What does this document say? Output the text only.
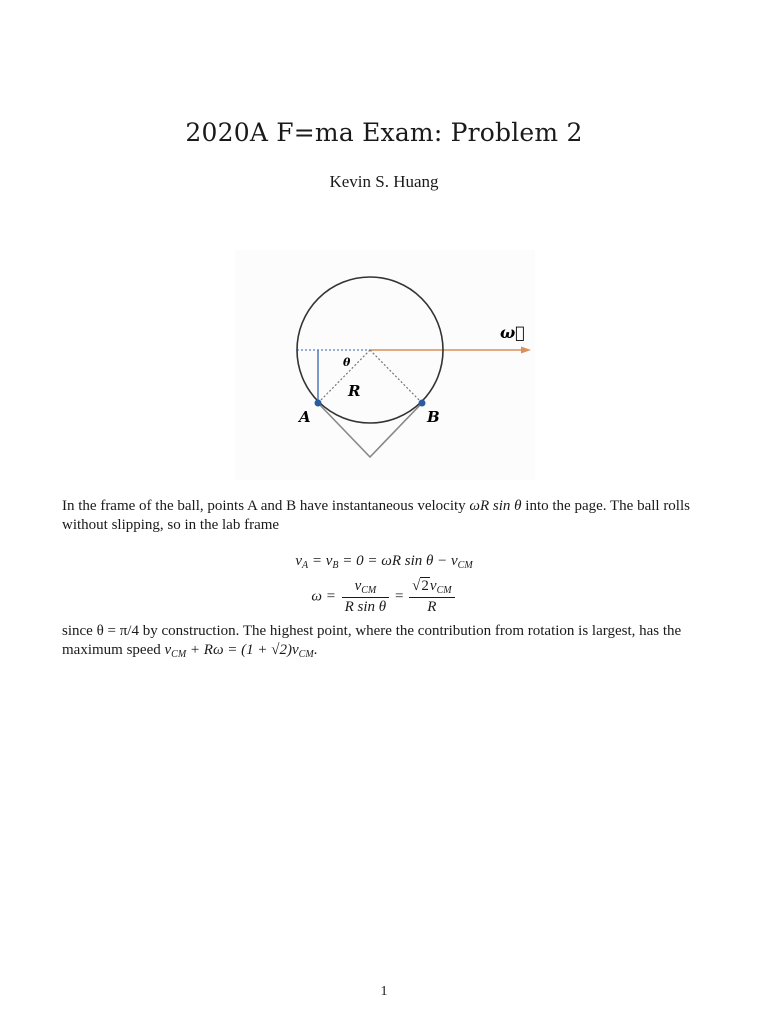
2020A F=ma Exam: Problem 2
Kevin S. Huang
ω⃗
θ
R
A	B
In the frame of the ball, points A and B have instantaneous velocity ωR sin θ into the page. The ball rolls without slipping, so in the lab frame
$v_A = v_B = 0 = \omega R$ $\sin \theta - v_{CM}$
$\omega = \frac{v_{CM}}{\text{R sin θ}} = \frac{√2v_{CM}}{R}$
since θ = π/4 by construction. The highest point, where the contribution from rotation is largest, has the maximum speed $v_{CM} + R\omega = (1 + √2)v_{CM}$.
1
